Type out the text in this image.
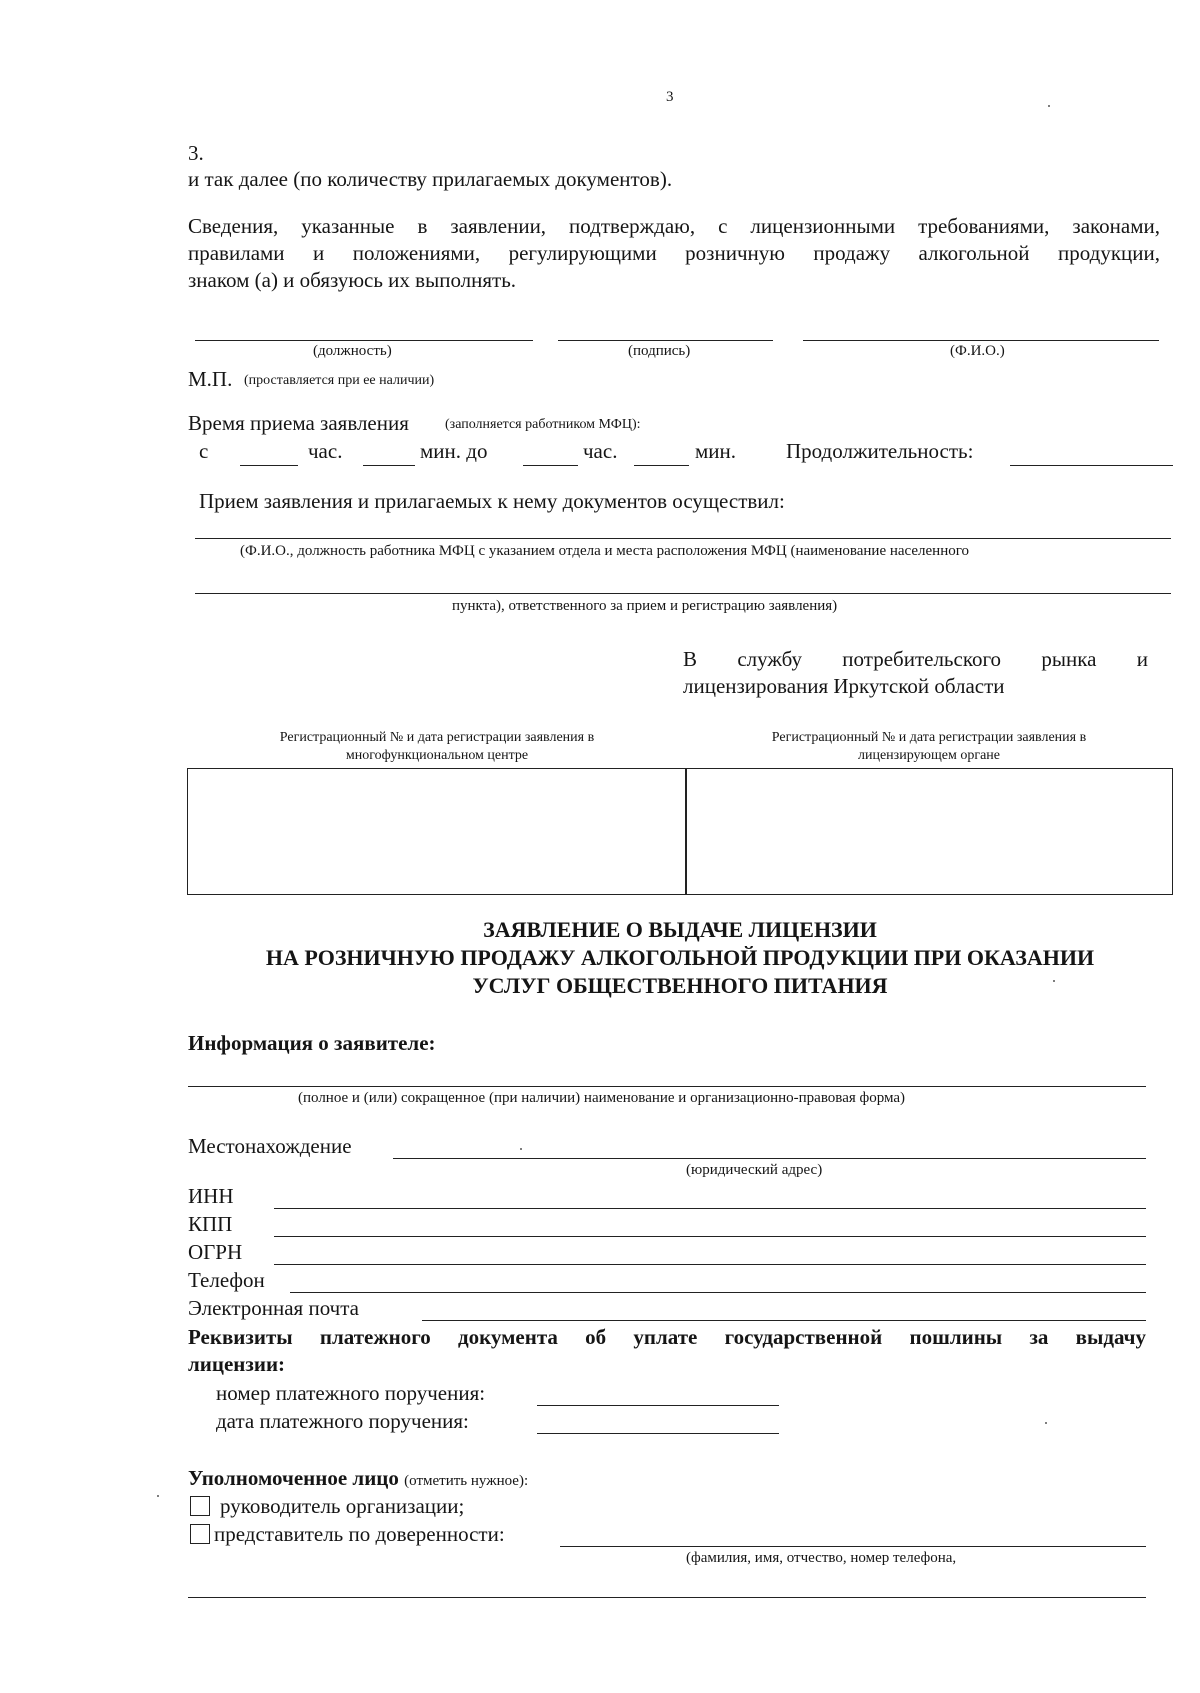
3
3.
и так далее (по количеству прилагаемых документов).
Сведения, указанные в заявлении, подтверждаю, с лицензионными требованиями, законами,
правилами и положениями, регулирующими розничную продажу алкогольной продукции,
знаком (а) и обязуюсь их выполнять.
(должность)	(подпись)	(Ф.И.О.)
М.П. (проставляется при ее наличии)
Время приема заявления	(заполняется работником МФЦ):
с	час.	мин. до	час.	мин. Продолжительность:
Прием заявления и прилагаемых к нему документов осуществил:
(Ф.И.О., должность работника МФЦ с указанием отдела и места расположения МФЦ (наименование населенного
пункта), ответственного за прием и регистрацию заявления)
В службу потребительского рынка и
лицензирования Иркутской области
Регистрационный № и дата регистрации заявления в
многофункциональном центре
Регистрационный № и дата регистрации заявления в
лицензирующем органе
ЗАЯВЛЕНИЕ О ВЫДАЧЕ ЛИЦЕНЗИИ
НА РОЗНИЧНУЮ ПРОДАЖУ АЛКОГОЛЬНОЙ ПРОДУКЦИИ ПРИ ОКАЗАНИИ
УСЛУГ ОБЩЕСТВЕННОГО ПИТАНИЯ
Информация о заявителе:
(полное и (или) сокращенное (при наличии) наименование и организационно-правовая форма)
Местонахождение
(юридический адрес)
ИНН
КПП
ОГРН
Телефон
Электронная почта
Реквизиты платежного документа об уплате государственной пошлины за выдачу
лицензии:
номер платежного поручения:
дата платежного поручения:
Уполномоченное лицо (отметить нужное):
руководитель организации;
представитель по доверенности:
(фамилия, имя, отчество, номер телефона,
